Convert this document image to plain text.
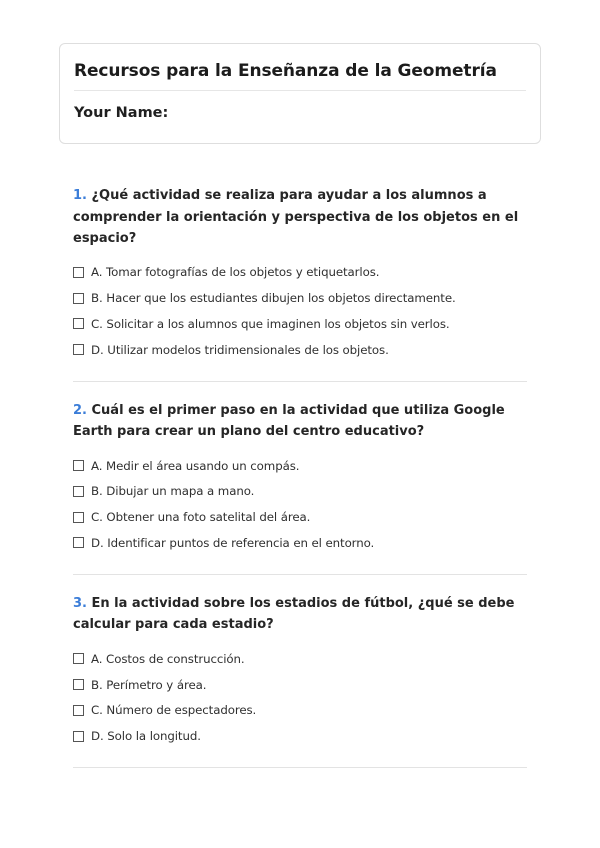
Recursos para la Enseñanza de la Geometría
Your Name:

1. ¿Qué actividad se realiza para ayudar a los alumnos a comprender la orientación y perspectiva de los objetos en el espacio?

A. Tomar fotografías de los objetos y etiquetarlos.
B. Hacer que los estudiantes dibujen los objetos directamente.
C. Solicitar a los alumnos que imaginen los objetos sin verlos.
D. Utilizar modelos tridimensionales de los objetos.

2. Cuál es el primer paso en la actividad que utiliza Google Earth para crear un plano del centro educativo?

A. Medir el área usando un compás.
B. Dibujar un mapa a mano.
C. Obtener una foto satelital del área.
D. Identificar puntos de referencia en el entorno.

3. En la actividad sobre los estadios de fútbol, ¿qué se debe calcular para cada estadio?

A. Costos de construcción.
B. Perímetro y área.
C. Número de espectadores.
D. Solo la longitud.
